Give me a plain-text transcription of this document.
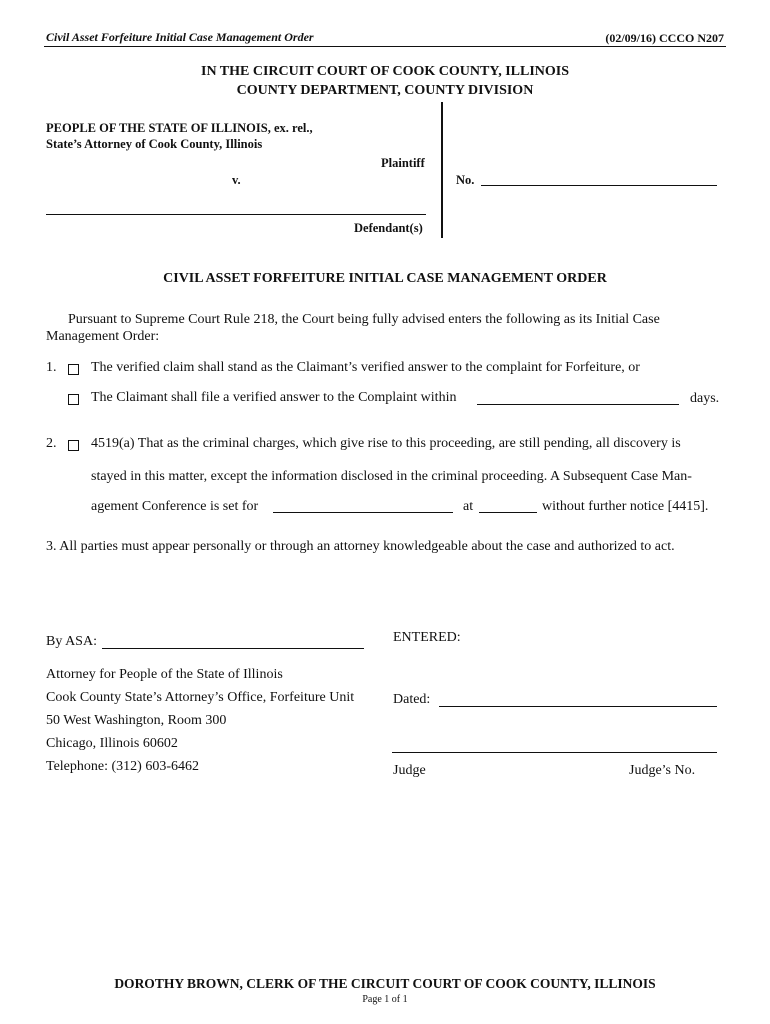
Civil Asset Forfeiture Initial Case Management Order	(02/09/16) CCCO N207
IN THE CIRCUIT COURT OF COOK COUNTY, ILLINOIS
COUNTY DEPARTMENT, COUNTY DIVISION
PEOPLE OF THE STATE OF ILLINOIS, ex. rel.,
State’s Attorney of Cook County, Illinois
Plaintiff
v.	No.
Defendant(s)
CIVIL ASSET FORFEITURE INITIAL CASE MANAGEMENT ORDER
Pursuant to Supreme Court Rule 218, the Court being fully advised enters the following as its Initial Case
Management Order:
1. The verified claim shall stand as the Claimant’s verified answer to the complaint for Forfeiture, or
The Claimant shall file a verified answer to the Complaint within	days.
2. 4519(a) That as the criminal charges, which give rise to this proceeding, are still pending, all discovery is
stayed in this matter, except the information disclosed in the criminal proceeding. A Subsequent Case Man-
agement Conference is set for	at	without further notice [4415].
3. All parties must appear personally or through an attorney knowledgeable about the case and authorized to act.
By ASA:
Attorney for People of the State of Illinois
Cook County State’s Attorney’s Office, Forfeiture Unit
50 West Washington, Room 300
Chicago, Illinois 60602
Telephone: (312) 603-6462
ENTERED:
Dated:
Judge	Judge’s No.
DOROTHY BROWN, CLERK OF THE CIRCUIT COURT OF COOK COUNTY, ILLINOIS
Page 1 of 1
